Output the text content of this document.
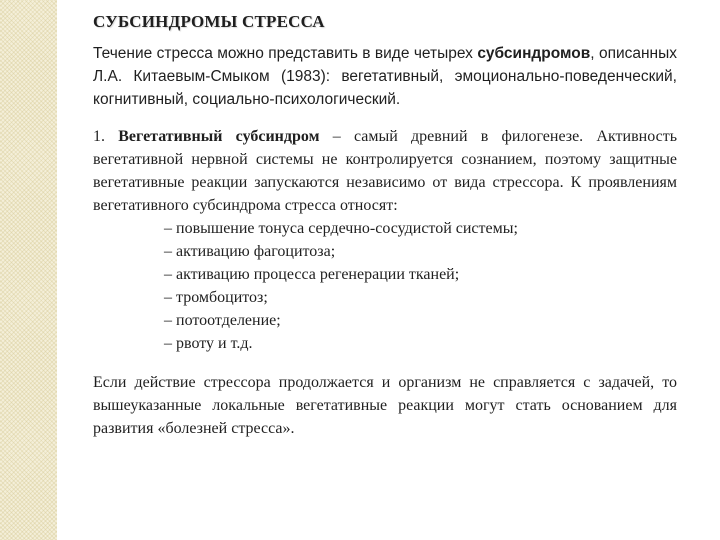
СУБСИНДРОМЫ СТРЕССА

Течение стресса можно представить в виде четырех субсиндромов, описанных Л.А. Китаевым-Смыком (1983): вегетативный, эмоционально-поведенческий, когнитивный, социально-психологический.

1. Вегетативный субсиндром – самый древний в филогенезе. Активность вегетативной нервной системы не контролируется сознанием, поэтому защитные вегетативные реакции запускаются независимо от вида стрессора. К проявлениям вегетативного субсиндрома стресса относят:

– повышение тонуса сердечно-сосудистой системы;
– активацию фагоцитоза;
– активацию процесса регенерации тканей;
– тромбоцитоз;
– потоотделение;
– рвоту и т.д.

Если действие стрессора продолжается и организм не справляется с задачей, то вышеуказанные локальные вегетативные реакции могут стать основанием для развития «болезней стресса».
